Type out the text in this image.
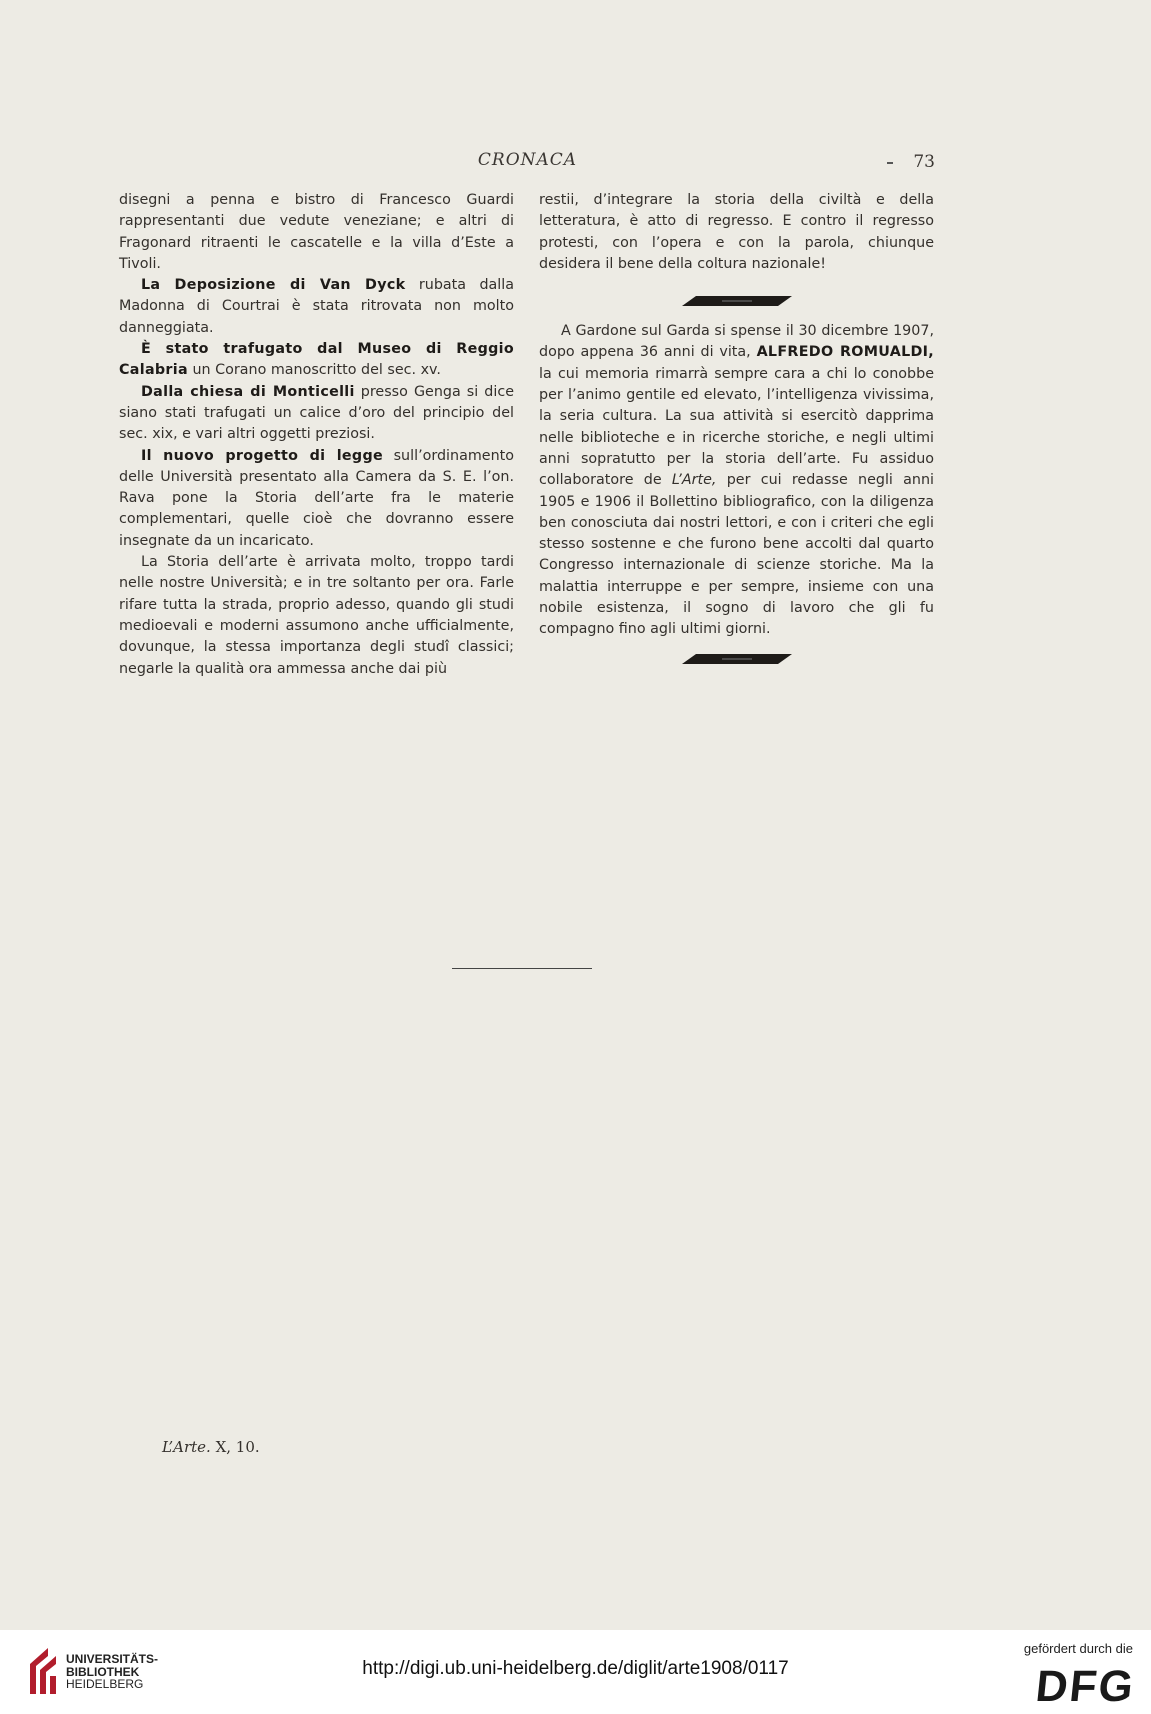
CRONACA	73

disegni a penna e bistro di Francesco Guardi rappresentanti due vedute veneziane; e altri di Fragonard ritraenti le cascatelle e la villa d’Este a Tivoli.

La Deposizione di Van Dyck rubata dalla Madonna di Courtrai è stata ritrovata non molto danneggiata.

È stato trafugato dal Museo di Reggio Calabria un Corano manoscritto del sec. xv.

Dalla chiesa di Monticelli presso Genga si dice siano stati trafugati un calice d’oro del principio del sec. xix, e vari altri oggetti preziosi.

Il nuovo progetto di legge sull’ordinamento delle Università presentato alla Camera da S. E. l’on. Rava pone la Storia dell’arte fra le materie complementari, quelle cioè che dovranno essere insegnate da un incaricato.

La Storia dell’arte è arrivata molto, troppo tardi nelle nostre Università; e in tre soltanto per ora. Farle rifare tutta la strada, proprio adesso, quando gli studi medioevali e moderni assumono anche ufficialmente, dovunque, la stessa importanza degli studî classici; negarle la qualità ora ammessa anche dai più

restii, d’integrare la storia della civiltà e della letteratura, è atto di regresso. E contro il regresso protesti, con l’opera e con la parola, chiunque desidera il bene della coltura nazionale!

A Gardone sul Garda si spense il 30 dicembre 1907, dopo appena 36 anni di vita, ALFREDO ROMUALDI, la cui memoria rimarrà sempre cara a chi lo conobbe per l’animo gentile ed elevato, l’intelligenza vivissima, la seria cultura. La sua attività si esercitò dapprima nelle biblioteche e in ricerche storiche, e negli ultimi anni sopratutto per la storia dell’arte. Fu assiduo collaboratore de L’Arte, per cui redasse negli anni 1905 e 1906 il Bollettino bibliografico, con la diligenza ben conosciuta dai nostri lettori, e con i criteri che egli stesso sostenne e che furono bene accolti dal quarto Congresso internazionale di scienze storiche. Ma la malattia interruppe e per sempre, insieme con una nobile esistenza, il sogno di lavoro che gli fu compagno fino agli ultimi giorni.

L’Arte. X, 10.
UNIVERSITÄTS-
BIBLIOTHEK
HEIDELBERG
http://digi.ub.uni-heidelberg.de/diglit/arte1908/0117
gefördert durch die
DFG
